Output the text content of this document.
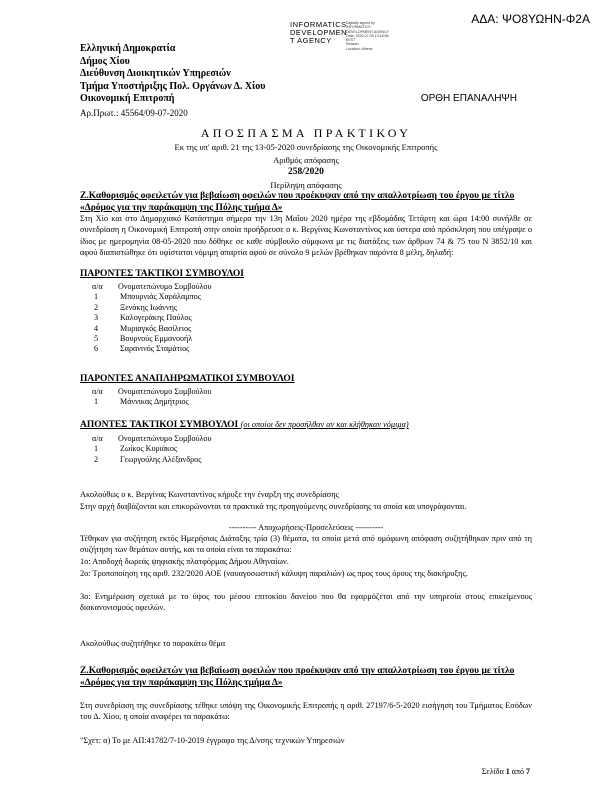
ΑΔΑ: ΨΟ8ΥΩΗΝ-Φ2Α
INFORMATICS
DEVELOPMEN
T AGENCY
Digitally signed by
INFORMATICS
DEVELOPMENT AGENCY
Date: 2020.07.09 13:16:56
EEST
Reason:
Location: Athens
Ελληνική Δημοκρατία
Δήμος Χίου
Διεύθυνση Διοικητικών Υπηρεσιών
Τμήμα Υποστήριξης Πολ. Οργάνων Δ. Χίου
Οικονομική Επιτροπή	ΟΡΘΗ ΕΠΑΝΑΛΗΨΗ
Αρ.Πρωτ.: 45564/09-07-2020
ΑΠΟΣΠΑΣΜΑ ΠΡΑΚΤΙΚΟΥ
Εκ της υπ' αριθ. 21 της 13-05-2020 συνεδρίασης της Οικονομικής Επιτροπής
Αριθμός απόφασης
258/2020
Περίληψη απόφασης
Ζ.Καθορισμός οφειλετών για βεβαίωση οφειλών που προέκυψαν από την απαλλοτρίωση του έργου με τίτλο «Δρόμος για την παράκαμψη της Πόλης τμήμα Δ»
Στη Χίο και στο Δημαρχιακό Κατάστημα σήμερα την 13η Μαΐου 2020 ημέρα της εβδομάδας Τετάρτη και ώρα 14:00 συνήλθε σε συνεδρίαση η Οικονομική Επιτροπή στην οποία προήδρευσε ο κ. Βεργίνας Κωνσταντίνος και ύστερα από πρόσκληση που υπέγραψε ο ίδιος με ημερομηνία 08-05-2020 που δόθηκε σε καθε σύμβουλο σύμφωνα με τις διατάξεις των άρθρων 74 & 75 του Ν 3852/10 και αφού διαπιστώθηκε ότι υφίσταται νόμιμη απαρτία αφού σε σύνολο 9 μελών βρέθηκαν παρόντα 8 μέλη, δηλαδή:
ΠΑΡΟΝΤΕΣ ΤΑΚΤΙΚΟΙ ΣΥΜΒΟΥΛΟΙ
α/α	Ονοματεπώνυμο Συμβούλου
1	Μπουρνιάς Χαράλαμπος
2	Ξενάκης Ιωάννης
3	Καλογεράκης Παύλος
4	Μυριαγκός Βασίλειος
5	Βουρνούς Εμμανουήλ
6	Σαρανινός Σταμάτιος
ΠΑΡΟΝΤΕΣ ΑΝΑΠΛΗΡΩΜΑΤΙΚΟΙ ΣΥΜΒΟΥΛΟΙ
α/α	Ονοματεπώνυμο Συμβούλου
1	Μάννικας Δημήτριος
ΑΠΟΝΤΕΣ ΤΑΚΤΙΚΟΙ ΣΥΜΒΟΥΛΟΙ (οι οποίοι δεν προσήλθαν αν και κλήθηκαν νόμιμα)
α/α	Ονοματεπώνυμο Συμβούλου
1	Ζωίκος Κυριάκος
2	Γεωργούλης Αλέξανδρος
Ακολούθως ο κ. Βεργίνας Κωνσταντίνος κήρυξε την έναρξη της συνεδρίασης
Στην αρχή διαβάζονται και επικυρώνονται τα πρακτικά της προηγούμενης συνεδρίασης τα οποία και υπογράφονται.
---------- Αποχωρήσεις-Προσελεύσεις ----------
Τέθηκαν για συζήτηση εκτός Ημερήσιας Διάταξης τρία (3) θέματα, τα οποία μετά από ομόφωνη απόφαση συζητήθηκαν πριν από τη συζήτηση των θεμάτων αυτής, και τα οποία είναι τα παρακάτω:
1ο: Αποδοχή δωρεάς ψηφιακής πλατφόρμας Δήμου Αθηναίων.
2ο: Τροποποίηση της αριθ. 232/2020 ΑΟΕ (ναυαγοσωστική κάλυψη παραλιών) ως προς τους όρους της διακήρυξης.
3ο: Ενημέρωση σχετικά με το ύψος του μέσου επιτοκίου δανείου που θα εφαρμόζεται από την υπηρεσία στους επικείμενους διακανονισμούς οφειλών.
Ακολούθως συζητήθηκε το παρακάτω θέμα
Ζ.Καθορισμός οφειλετών για βεβαίωση οφειλών που προέκυψαν από την απαλλοτρίωση του έργου με τίτλο «Δρόμος για την παράκαμψη της Πόλης τμήμα Δ»
Στη συνεδρίαση της συνεδρίασης τέθηκε υπόψη της Οικονομικής Επιτροπής η αριθ. 27197/6-5-2020 εισήγηση του Τμήματος Εσόδων του Δ. Χίου, η οποία αναφέρει τα παρακάτω:
"Σχετ: α) Το με ΑΠ:41782/7-10-2019 έγγραφο της Δ/νσης τεχνικών Υπηρεσιών
Σελίδα 1 από 7
